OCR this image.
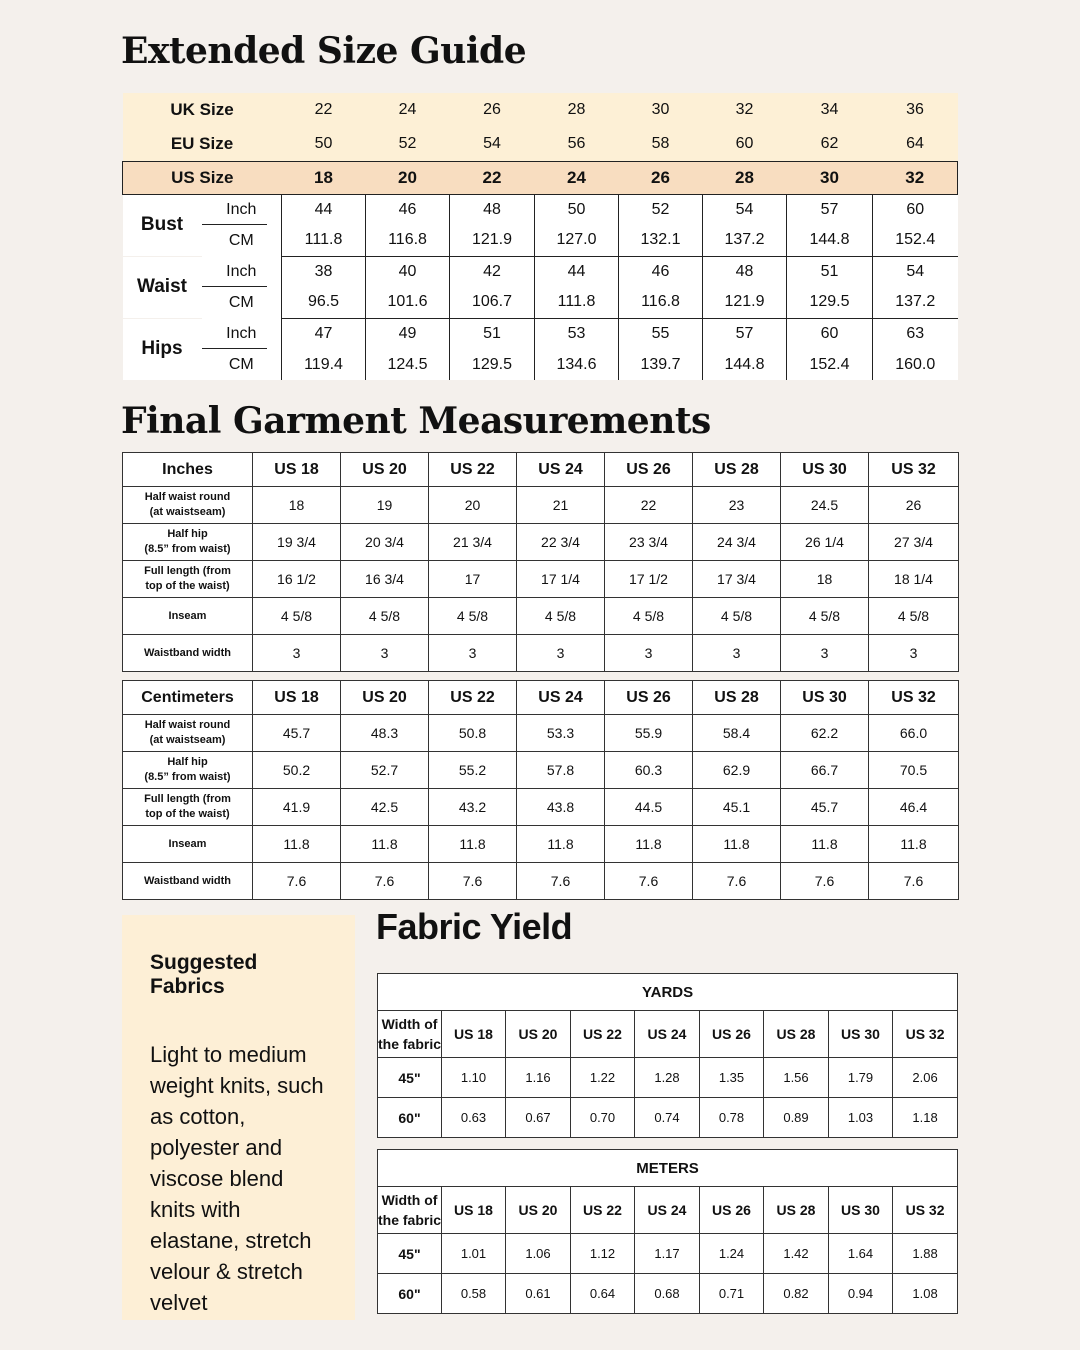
Extended Size Guide
UK Size		22	24	26	28	30	32	34	36
EU Size		50	52	54	56	58	60	62	64
US Size		18	20	22	24	26	28	30	32
Bust	Inch	44	46	48	50	52	54	57	60
	CM	111.8	116.8	121.9	127.0	132.1	137.2	144.8	152.4
Waist	Inch	38	40	42	44	46	48	51	54
	CM	96.5	101.6	106.7	111.8	116.8	121.9	129.5	137.2
Hips	Inch	47	49	51	53	55	57	60	63
	CM	119.4	124.5	129.5	134.6	139.7	144.8	152.4	160.0
Final Garment Measurements
Inches	US 18	US 20	US 22	US 24	US 26	US 28	US 30	US 32

Half waist round
(at waistseam)	18	19	20	21	22	23	24.5	26

Half hip
(8.5” from waist)	19 3/4	20 3/4	21 3/4	22 3/4	23 3/4	24 3/4	26 1/4	27 3/4

Full length (from
top of the waist)	16 1/2	16 3/4	17	17 1/4	17 1/2	17 3/4	18	18 1/4

Inseam	4 5/8	4 5/8	4 5/8	4 5/8	4 5/8	4 5/8	4 5/8	4 5/8

Waistband width	3	3	3	3	3	3	3	3
Centimeters	US 18	US 20	US 22	US 24	US 26	US 28	US 30	US 32

Half waist round
(at waistseam)	45.7	48.3	50.8	53.3	55.9	58.4	62.2	66.0

Half hip
(8.5” from waist)	50.2	52.7	55.2	57.8	60.3	62.9	66.7	70.5

Full length (from
top of the waist)	41.9	42.5	43.2	43.8	44.5	45.1	45.7	46.4

Inseam	11.8	11.8	11.8	11.8	11.8	11.8	11.8	11.8

Waistband width	7.6	7.6	7.6	7.6	7.6	7.6	7.6	7.6
Suggested Fabrics

Light to medium weight knits, such as cotton, polyester and viscose blend knits with elastane, stretch velour & stretch velvet

Fabric Yield
YARDS								

Width of
the fabric	US 18	US 20	US 22	US 24	US 26	US 28	US 30	US 32
45"	1.10	1.16	1.22	1.28	1.35	1.56	1.79	2.06
60"	0.63	0.67	0.70	0.74	0.78	0.89	1.03	1.18
METERS								

Width of
the fabric	US 18	US 20	US 22	US 24	US 26	US 28	US 30	US 32
45"	1.01	1.06	1.12	1.17	1.24	1.42	1.64	1.88
60"	0.58	0.61	0.64	0.68	0.71	0.82	0.94	1.08
